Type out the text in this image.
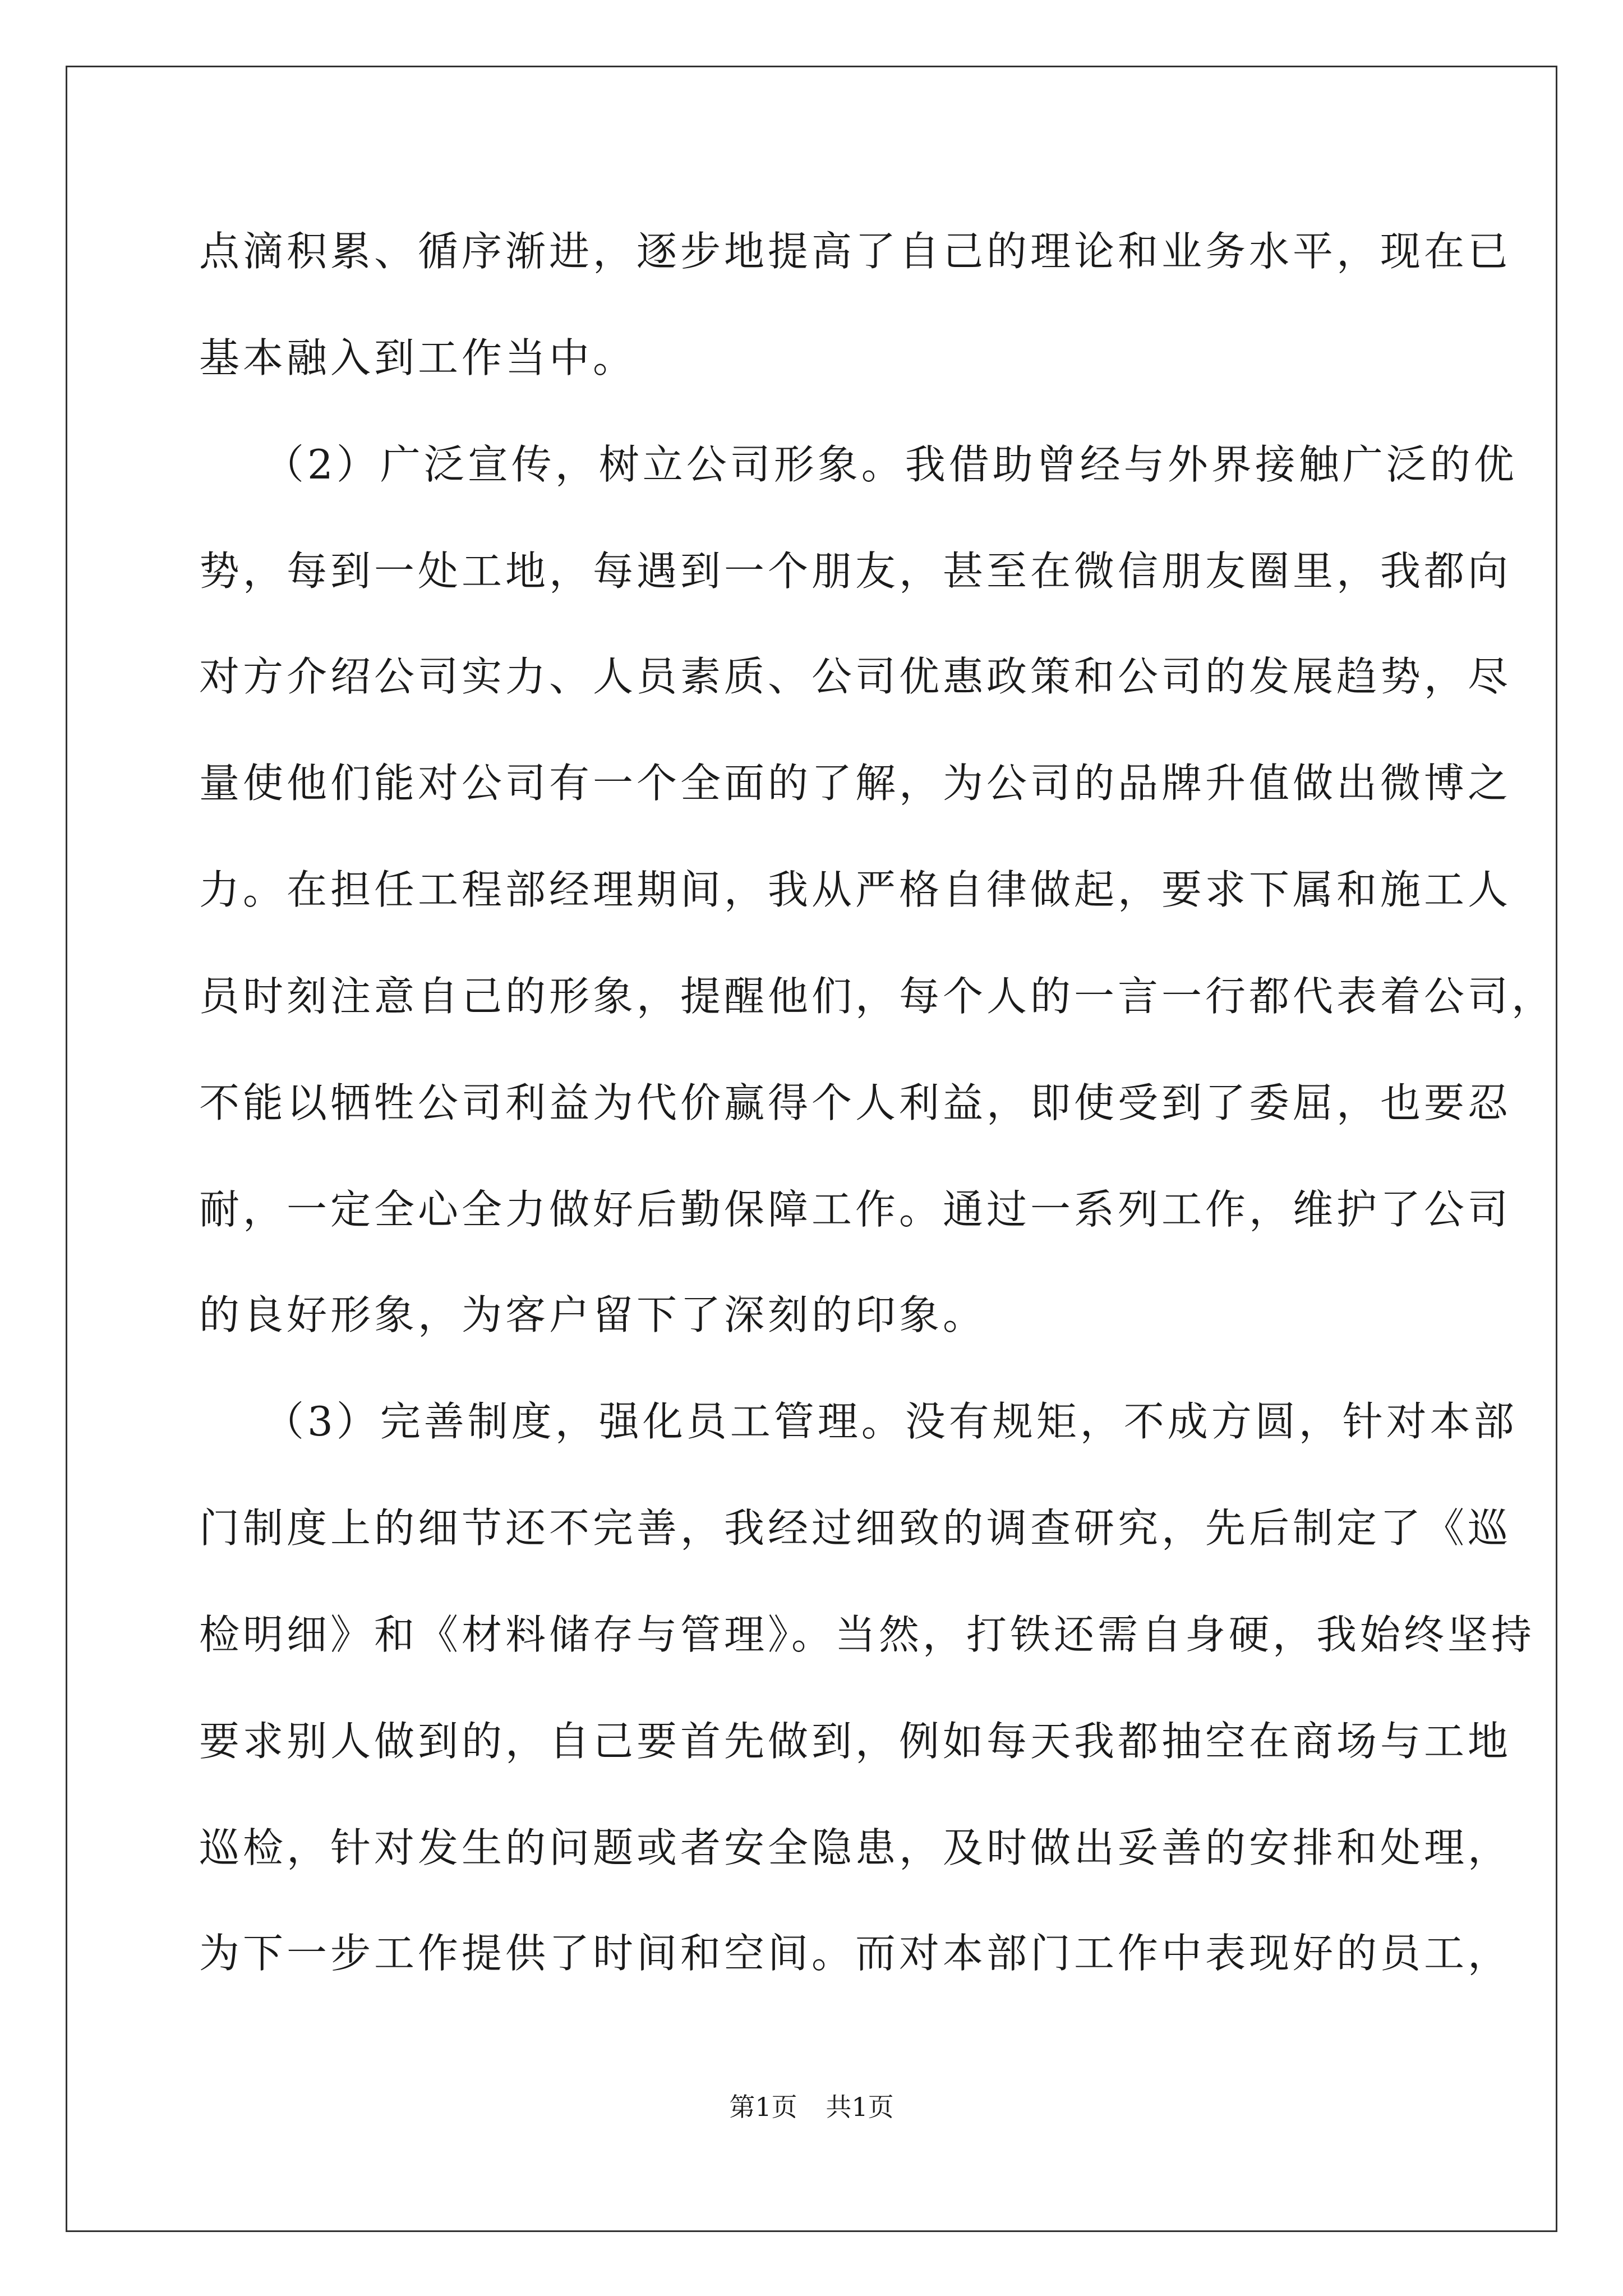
点滴积累、循序渐进，逐步地提高了自己的理论和业务水平，现在已
基本融入到工作当中。
（2）广泛宣传，树立公司形象。我借助曾经与外界接触广泛的优
势，每到一处工地，每遇到一个朋友，甚至在微信朋友圈里，我都向
对方介绍公司实力、人员素质、公司优惠政策和公司的发展趋势，尽
量使他们能对公司有一个全面的了解，为公司的品牌升值做出微博之
力。在担任工程部经理期间，我从严格自律做起，要求下属和施工人
员时刻注意自己的形象，提醒他们，每个人的一言一行都代表着公司，
不能以牺牲公司利益为代价赢得个人利益，即使受到了委屈，也要忍
耐，一定全心全力做好后勤保障工作。通过一系列工作，维护了公司
的良好形象，为客户留下了深刻的印象。
（3）完善制度，强化员工管理。没有规矩，不成方圆，针对本部
门制度上的细节还不完善，我经过细致的调查研究，先后制定了《巡
检明细》和《材料储存与管理》。当然，打铁还需自身硬，我始终坚持
要求别人做到的，自己要首先做到，例如每天我都抽空在商场与工地
巡检，针对发生的问题或者安全隐患，及时做出妥善的安排和处理，
为下一步工作提供了时间和空间。而对本部门工作中表现好的员工，
第1页 共1页
